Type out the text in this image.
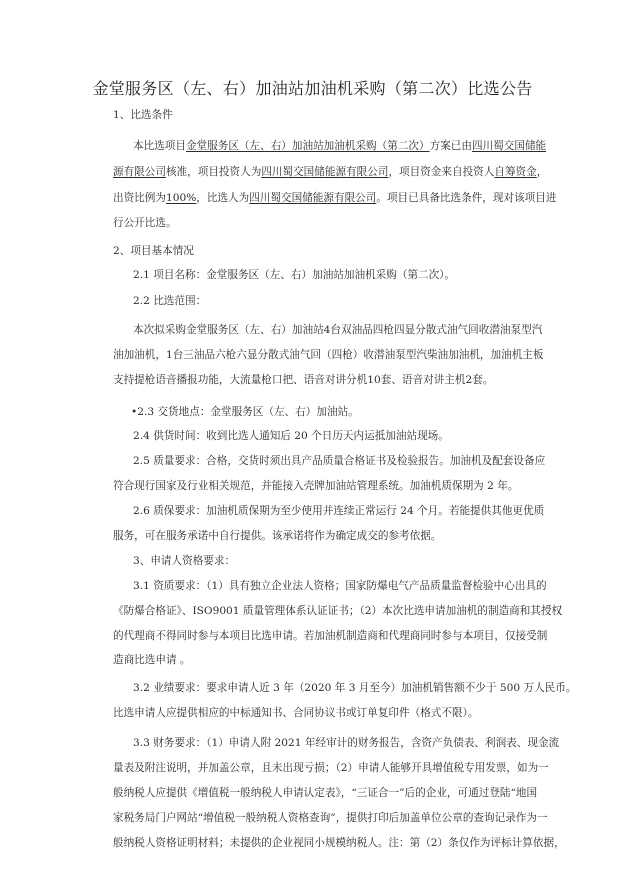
金堂服务区（左、右）加油站加油机采购（第二次）比选公告
1、比选条件
本比选项目金堂服务区（左、右）加油站加油机采购（第二次）方案已由四川蜀交国储能
源有限公司核准，项目投资人为四川蜀交国储能源有限公司，项目资金来自投资人自筹资金，
出资比例为100%，比选人为四川蜀交国储能源有限公司。项目已具备比选条件，现对该项目进
行公开比选。
2、项目基本情况
2.1 项目名称：金堂服务区（左、右）加油站加油机采购（第二次）。
2.2 比选范围：
本次拟采购金堂服务区（左、右）加油站4台双油品四枪四显分散式油气回收潜油泵型汽
油加油机，1台三油品六枪六显分散式油气回（四枪）收潜油泵型汽柴油加油机，加油机主板
支持提枪语音播报功能，大流量枪口把、语音对讲分机10套、语音对讲主机2套。
•2.3 交货地点：金堂服务区（左、右）加油站。
2.4 供货时间：收到比选人通知后 20 个日历天内运抵加油站现场。
2.5 质量要求：合格，交货时须出具产品质量合格证书及检验报告。加油机及配套设备应
符合现行国家及行业相关规范，并能接入壳牌加油站管理系统。加油机质保期为 2 年。
2.6 质保要求：加油机质保期为至少使用并连续正常运行 24 个月。若能提供其他更优质
服务，可在服务承诺中自行提供。该承诺将作为确定成交的参考依据。
3、申请人资格要求：
3.1 资质要求：（1）具有独立企业法人资格；国家防爆电气产品质量监督检验中心出具的
《防爆合格证》、ISO9001 质量管理体系认证证书；（2）本次比选申请加油机的制造商和其授权
的代理商不得同时参与本项目比选申请。若加油机制造商和代理商同时参与本项目，仅接受制
造商比选申请 。
3.2 业绩要求：要求申请人近 3 年（2020 年 3 月至今）加油机销售额不少于 500 万人民币。
比选申请人应提供相应的中标通知书、合同协议书或订单复印件（格式不限）。
3.3 财务要求：（1）申请人附 2021 年经审计的财务报告，含资产负债表、利润表、现金流
量表及附注说明，并加盖公章，且未出现亏损；（2）申请人能够开具增值税专用发票，如为一
般纳税人应提供《增值税一般纳税人申请认定表》，“三证合一”后的企业，可通过登陆“地国
家税务局门户网站“增值税一般纳税人资格查询”，提供打印后加盖单位公章的查询记录作为一
般纳税人资格证明材料；未提供的企业视同小规模纳税人。注：第（2）条仅作为评标计算依据，
